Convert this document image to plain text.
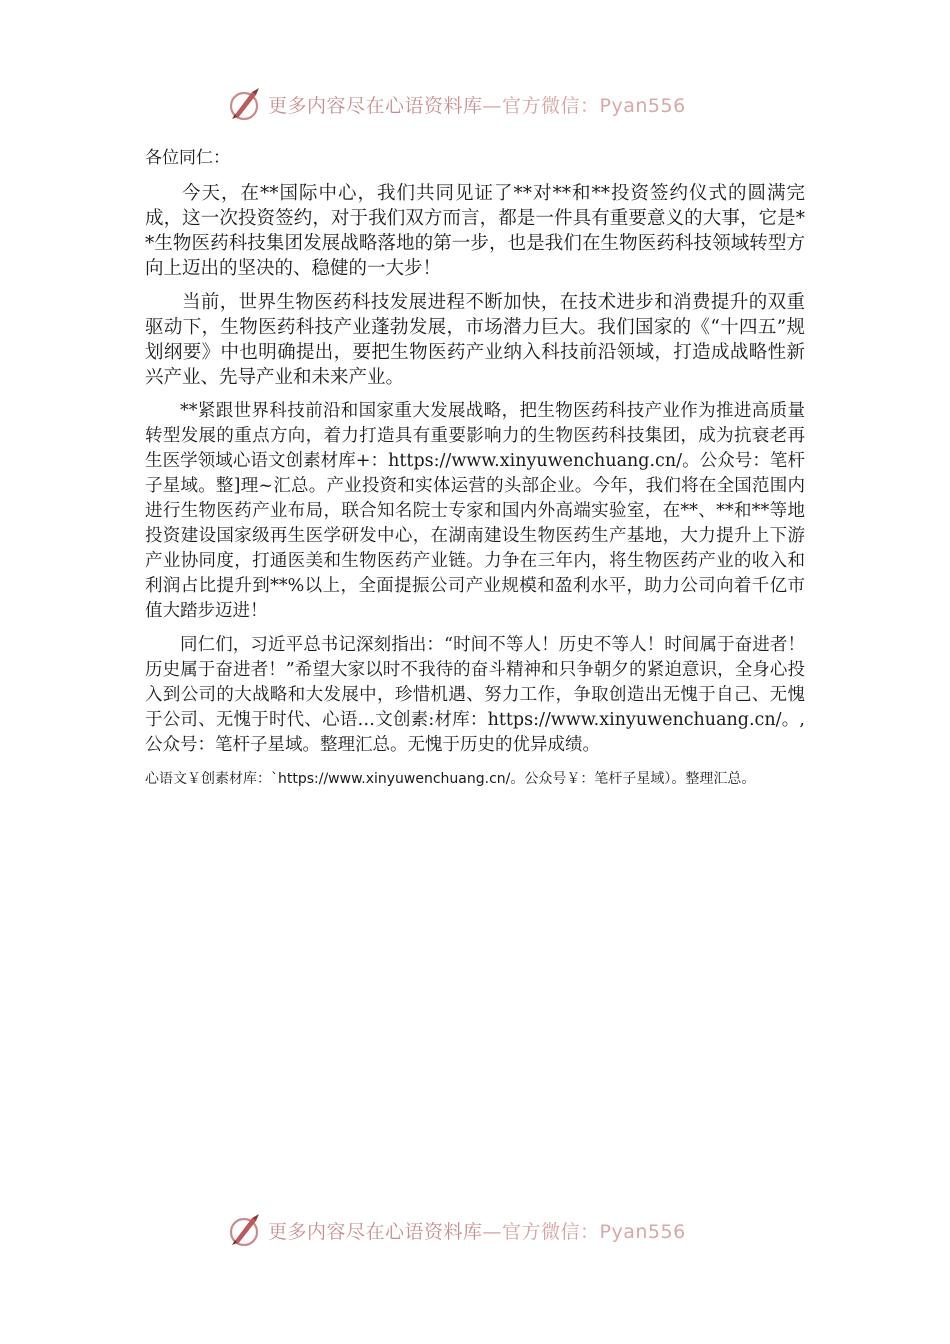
更多内容尽在心语资料库—官方微信：Pyan556

各位同仁：

今天，在**国际中心，我们共同见证了**对**和**投资签约仪式的圆满完成，这一次投资签约，对于我们双方而言，都是一件具有重要意义的大事，它是**生物医药科技集团发展战略落地的第一步，也是我们在生物医药科技领域转型方向上迈出的坚决的、稳健的一大步！

当前，世界生物医药科技发展进程不断加快，在技术进步和消费提升的双重驱动下，生物医药科技产业蓬勃发展，市场潜力巨大。我们国家的《“十四五”规划纲要》中也明确提出，要把生物医药产业纳入科技前沿领域，打造成战略性新兴产业、先导产业和未来产业。

**紧跟世界科技前沿和国家重大发展战略，把生物医药科技产业作为推进高质量转型发展的重点方向，着力打造具有重要影响力的生物医药科技集团，成为抗衰老再生医学领域心语文创素材库+：https://www.xinyuwenchuang.cn/。公众号：笔杆子星域。整]理~汇总。产业投资和实体运营的头部企业。今年，我们将在全国范围内进行生物医药产业布局，联合知名院士专家和国内外高端实验室，在**、**和**等地投资建设国家级再生医学研发中心，在湖南建设生物医药生产基地，大力提升上下游产业协同度，打通医美和生物医药产业链。力争在三年内，将生物医药产业的收入和利润占比提升到**%以上，全面提振公司产业规模和盈利水平，助力公司向着千亿市值大踏步迈进！

同仁们，习近平总书记深刻指出：“时间不等人！历史不等人！时间属于奋进者！历史属于奋进者！”希望大家以时不我待的奋斗精神和只争朝夕的紧迫意识，全身心投入到公司的大战略和大发展中，珍惜机遇、努力工作，争取创造出无愧于自己、无愧于公司、无愧于时代、心语…文创素:材库：https://www.xinyuwenchuang.cn/。,公众号：笔杆子星域。整理汇总。无愧于历史的优异成绩。

心语文￥创素材库：`https://www.xinyuwenchuang.cn/。公众号￥：笔杆子星域）。整理汇总。

更多内容尽在心语资料库—官方微信：Pyan556
